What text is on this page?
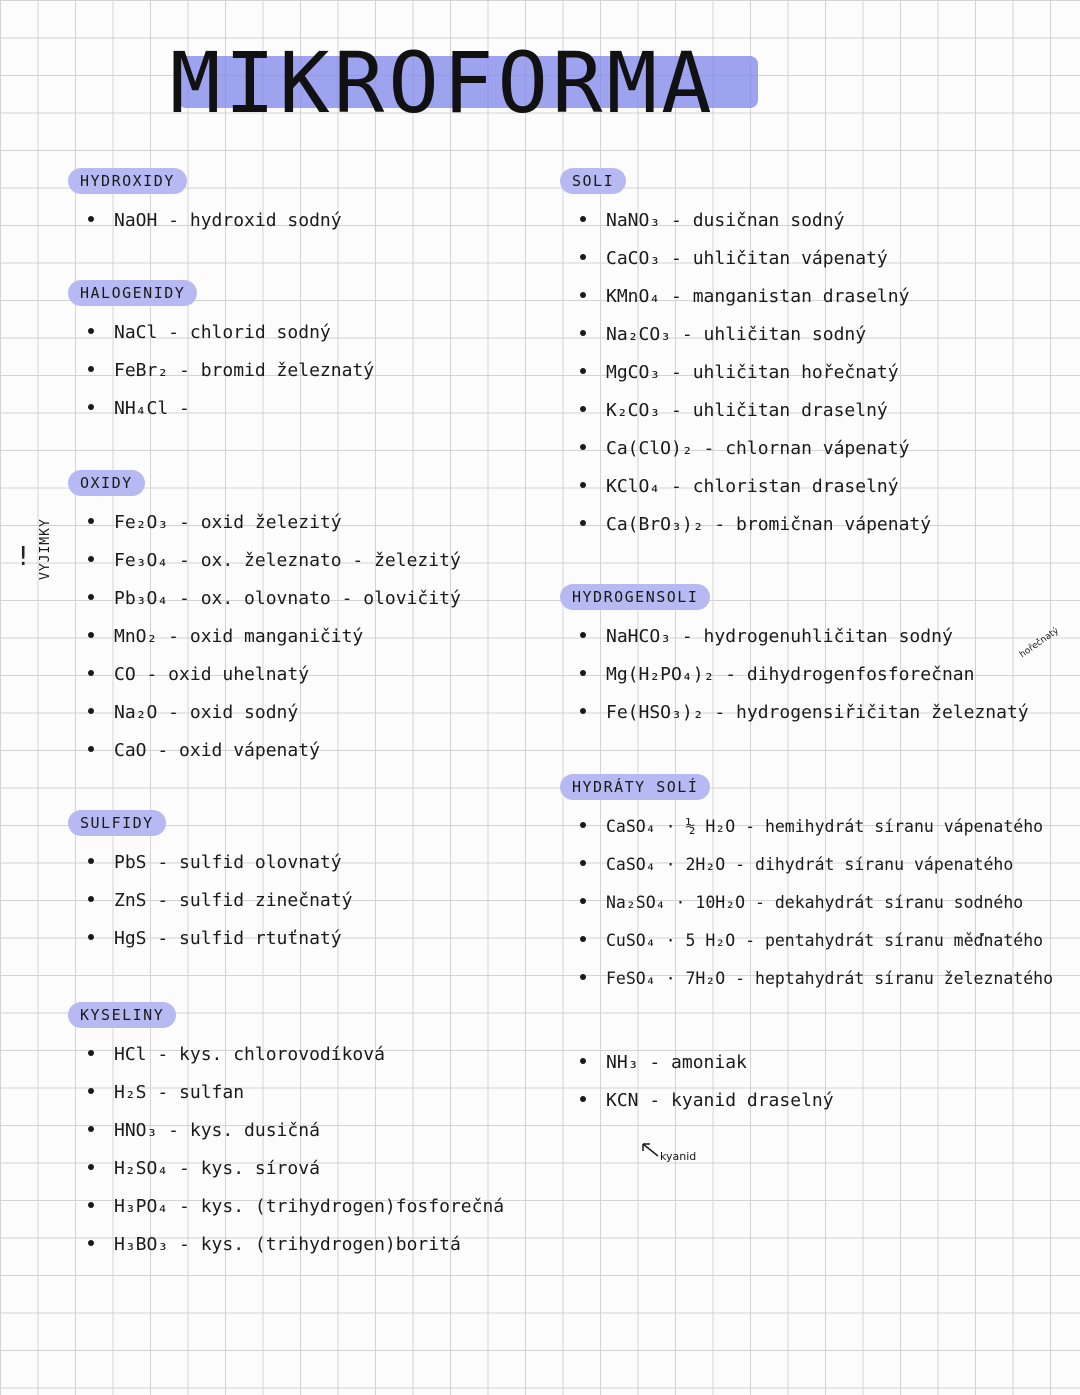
MIKROFORMA
! VYJIMKY
HYDROXIDY
NaOH - hydroxid sodný
HALOGENIDY
NaCl - chlorid sodný
FeBr₂ - bromid železnatý
NH₄Cl -
OXIDY
Fe₂O₃ - oxid železitý
Fe₃O₄ - ox. železnato - železitý
Pb₃O₄ - ox. olovnato - olovičitý
MnO₂ - oxid manganičitý
CO - oxid uhelnatý
Na₂O - oxid sodný
CaO - oxid vápenatý
SULFIDY
PbS - sulfid olovnatý
ZnS - sulfid zinečnatý
HgS - sulfid rtuťnatý
KYSELINY
HCl - kys. chlorovodíková
H₂S - sulfan
HNO₃ - kys. dusičná
H₂SO₄ - kys. sírová
H₃PO₄ - kys. (trihydrogen)fosforečná
H₃BO₃ - kys. (trihydrogen)boritá
SOLI
NaNO₃ - dusičnan sodný
CaCO₃ - uhličitan vápenatý
KMnO₄ - manganistan draselný
Na₂CO₃ - uhličitan sodný
MgCO₃ - uhličitan hořečnatý
K₂CO₃ - uhličitan draselný
Ca(ClO)₂ - chlornan vápenatý
KClO₄ - chloristan draselný
Ca(BrO₃)₂ - bromičnan vápenatý
HYDROGENSOLI
NaHCO₃ - hydrogenuhličitan sodný
Mg(H₂PO₄)₂ - dihydrogenfosforečnan
Fe(HSO₃)₂ - hydrogensiřičitan železnatý
hořečnatý
HYDRÁTY SOLÍ
CaSO₄ · ½ H₂O - hemihydrát síranu vápenatého
CaSO₄ · 2H₂O - dihydrát síranu vápenatého
Na₂SO₄ · 10H₂O - dekahydrát síranu sodného
CuSO₄ · 5 H₂O - pentahydrát síranu měďnatého
FeSO₄ · 7H₂O - heptahydrát síranu železnatého
NH₃ - amoniak
KCN - kyanid draselný
kyanid
